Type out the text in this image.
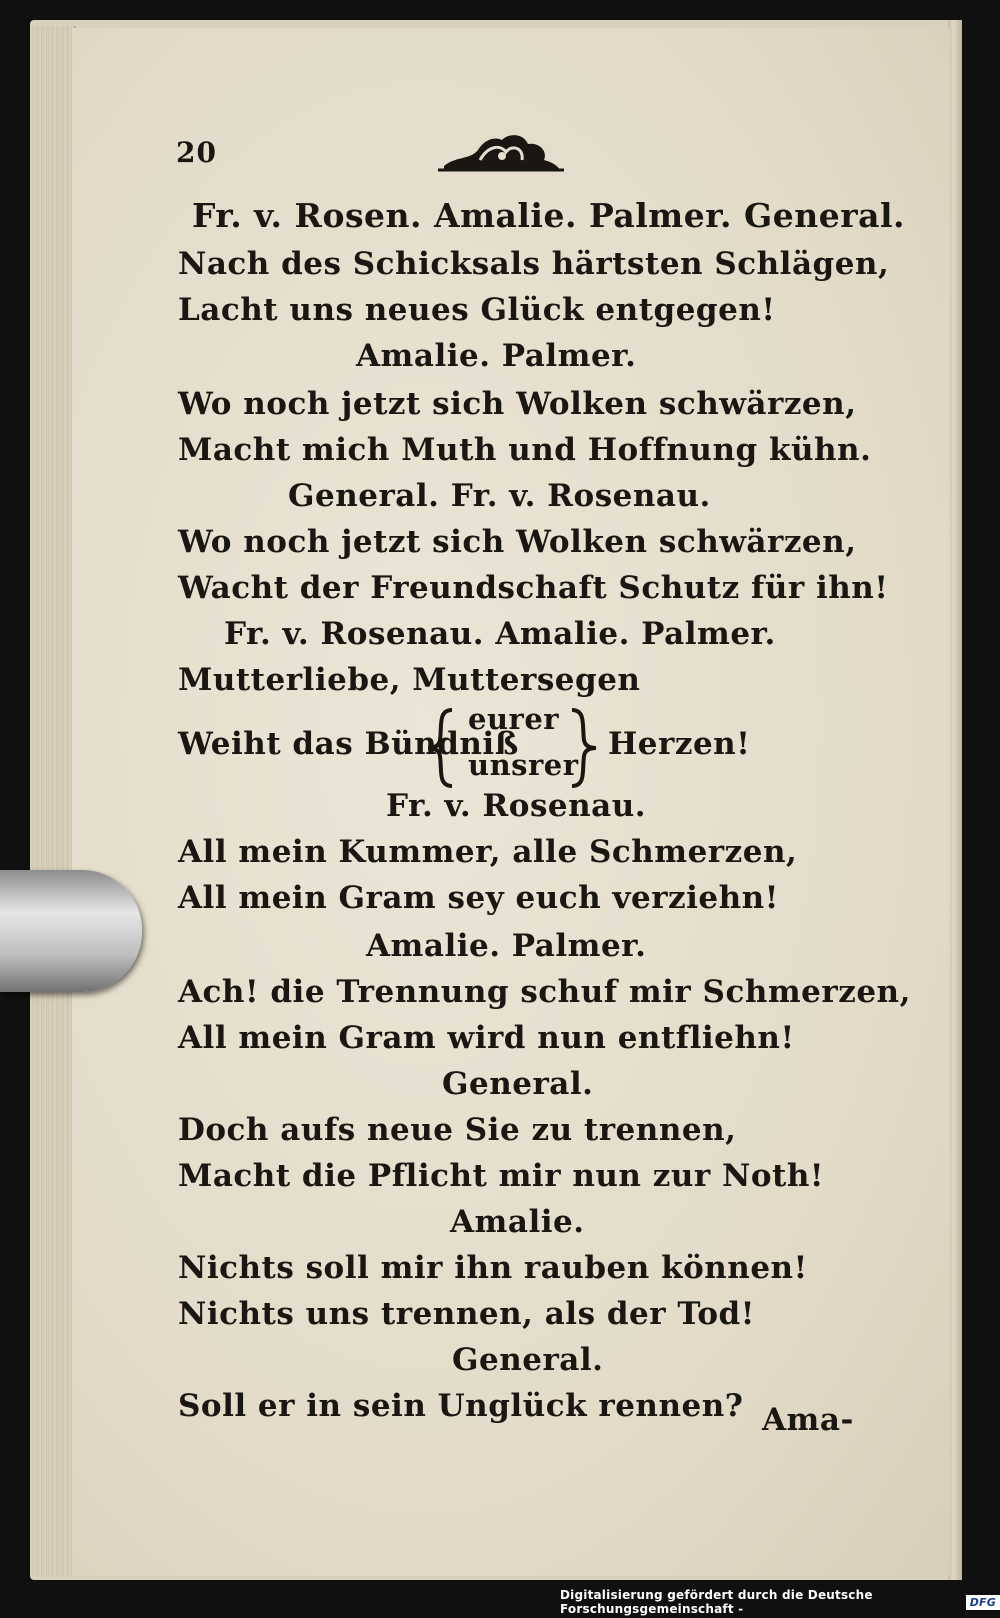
20
Fr. v. Rosen. Amalie. Palmer. General.
Nach des Schicksals härtsten Schlägen,
Lacht uns neues Glück entgegen!
Amalie. Palmer.
Wo noch jetzt sich Wolken schwärzen,
Macht mich Muth und Hoffnung kühn.
General. Fr. v. Rosenau.
Wo noch jetzt sich Wolken schwärzen,
Wacht der Freundschaft Schutz für ihn!
Fr. v. Rosenau. Amalie. Palmer.
Mutterliebe, Muttersegen
Weiht das Bündniß
eurer
unsrer
Herzen!
Fr. v. Rosenau.
All mein Kummer, alle Schmerzen,
All mein Gram sey euch verziehn!
Amalie. Palmer.
Ach! die Trennung schuf mir Schmerzen,
All mein Gram wird nun entfliehn!
General.
Doch aufs neue Sie zu trennen,
Macht die Pflicht mir nun zur Noth!
Amalie.
Nichts soll mir ihn rauben können!
Nichts uns trennen, als der Tod!
General.
Soll er in sein Unglück rennen? Ama-
Digitalisierung gefördert durch die Deutsche Forschungsgemeinschaft -	DFG
